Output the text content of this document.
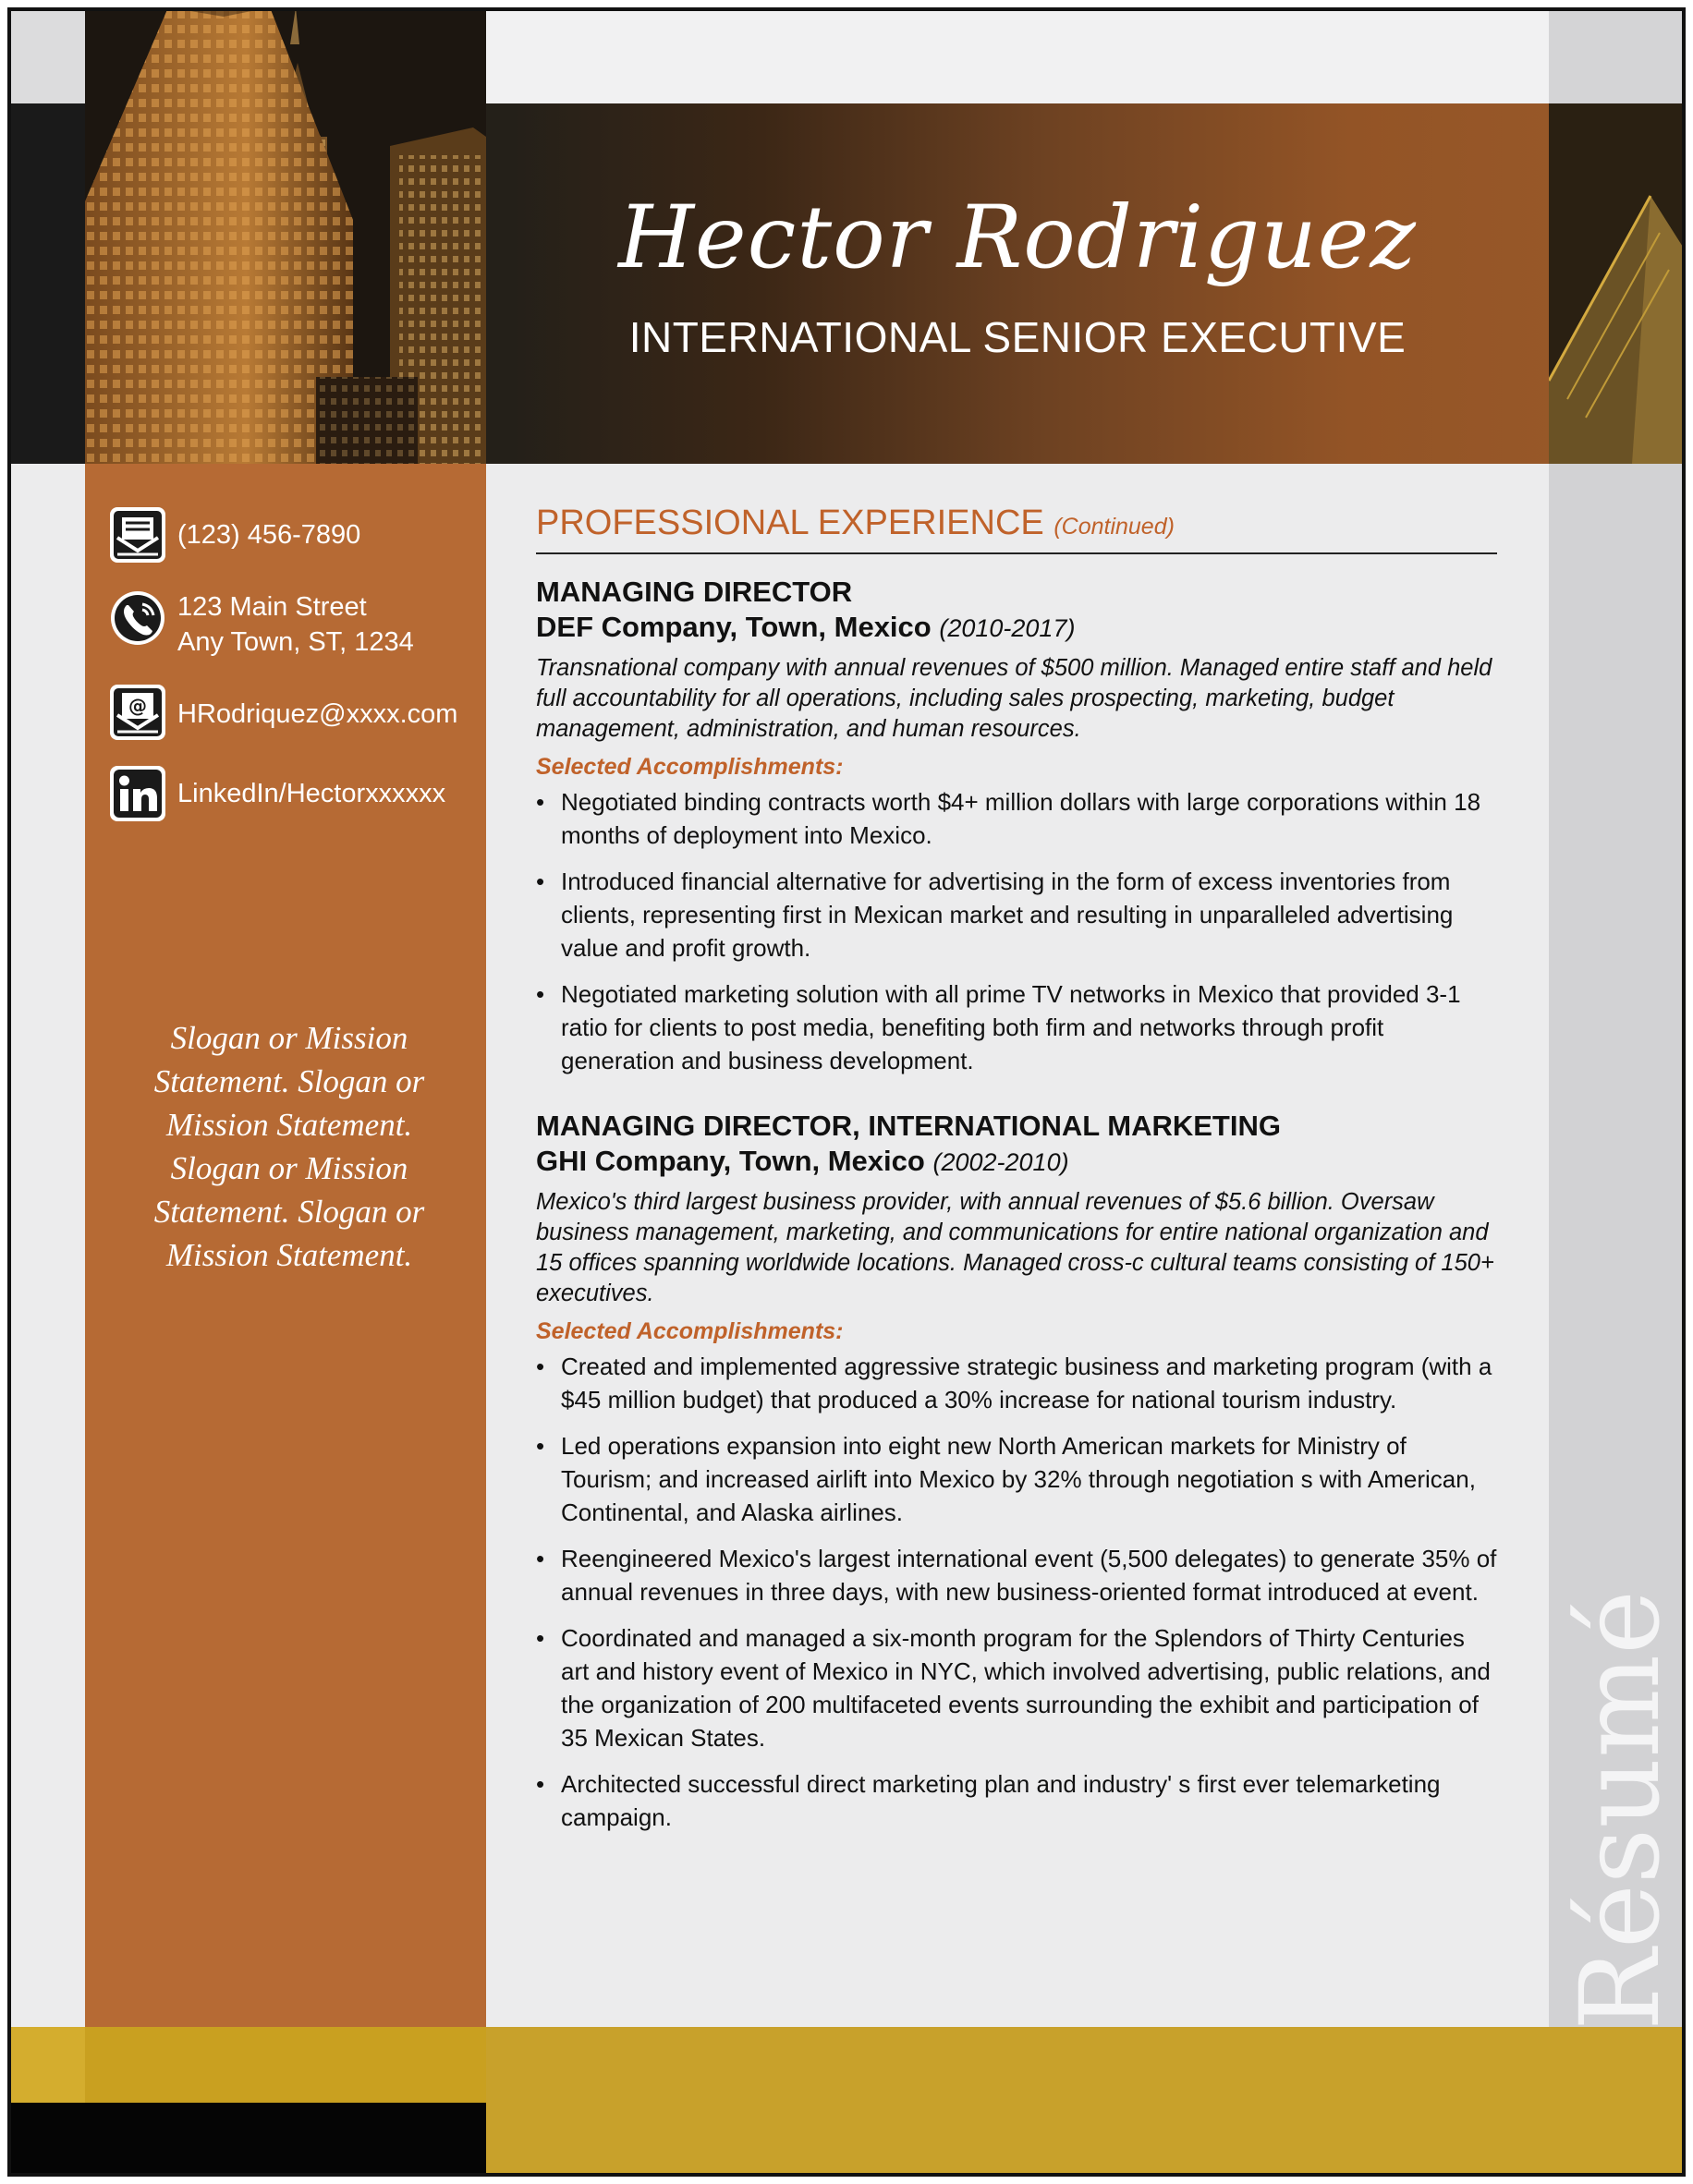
Hector Rodriguez
INTERNATIONAL SENIOR EXECUTIVE
Résumé
(123) 456-7890
123 Main Street
Any Town, ST, 1234
@ HRodriquez@xxxx.com
LinkedIn/Hectorxxxxxx
Slogan or Mission Statement. Slogan or Mission Statement. Slogan or Mission Statement. Slogan or Mission Statement.
PROFESSIONAL EXPERIENCE (Continued)
MANAGING DIRECTOR
DEF Company, Town, Mexico (2010-2017)
Transnational company with annual revenues of $500 million. Managed entire staff and held full accountability for all operations, including sales prospecting, marketing, budget management, administration, and human resources.
Selected Accomplishments:
• Negotiated binding contracts worth $4+ million dollars with large corporations within 18 months of deployment into Mexico.
• Introduced financial alternative for advertising in the form of excess inventories from clients, representing first in Mexican market and resulting in unparalleled advertising value and profit growth.
• Negotiated marketing solution with all prime TV networks in Mexico that provided 3-1 ratio for clients to post media, benefiting both firm and networks through profit generation and business development.
MANAGING DIRECTOR, INTERNATIONAL MARKETING
GHI Company, Town, Mexico (2002-2010)
Mexico's third largest business provider, with annual revenues of $5.6 billion. Oversaw business management, marketing, and communications for entire national organization and 15 offices spanning worldwide locations. Managed cross-c cultural teams consisting of 150+ executives.
Selected Accomplishments:
• Created and implemented aggressive strategic business and marketing program (with a $45 million budget) that produced a 30% increase for national tourism industry.
• Led operations expansion into eight new North American markets for Ministry of Tourism; and increased airlift into Mexico by 32% through negotiation s with American, Continental, and Alaska airlines.
• Reengineered Mexico's largest international event (5,500 delegates) to generate 35% of annual revenues in three days, with new business-oriented format introduced at event.
• Coordinated and managed a six-month program for the Splendors of Thirty Centuries art and history event of Mexico in NYC, which involved advertising, public relations, and the organization of 200 multifaceted events surrounding the exhibit and participation of 35 Mexican States.
• Architected successful direct marketing plan and industry' s first ever telemarketing campaign.
